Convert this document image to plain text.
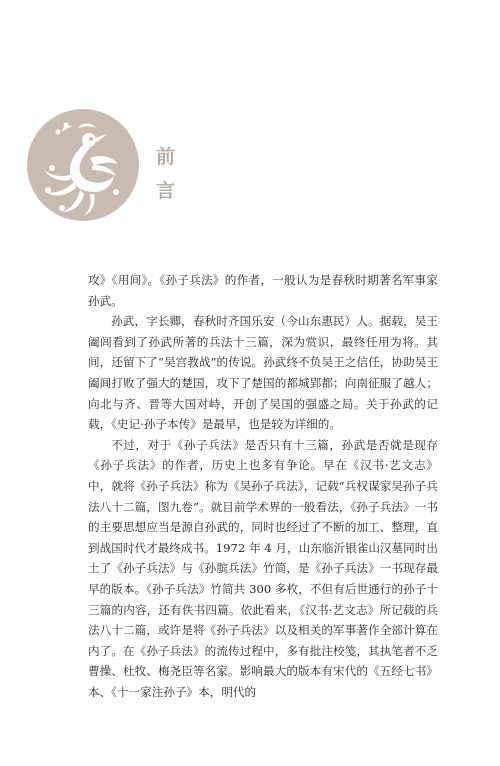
前
言

攻》《用间》。《孙子兵法》的作者，一般认为是春秋时期著名军事家孙武。

孙武，字长卿，春秋时齐国乐安（今山东惠民）人。据载，吴王阖闾看到了孙武所著的兵法十三篇，深为赏识，最终任用为将。其间，还留下了“吴宫教战”的传说。孙武终不负吴王之信任，协助吴王阖闾打败了强大的楚国，攻下了楚国的都城郢都；向南征服了越人；向北与齐、晋等大国对峙，开创了吴国的强盛之局。关于孙武的记载，《史记·孙子本传》是最早，也是较为详细的。

不过，对于《孙子兵法》是否只有十三篇，孙武是否就是现存《孙子兵法》的作者，历史上也多有争论。早在《汉书·艺文志》中，就将《孙子兵法》称为《吴孙子兵法》，记载“兵权谋家吴孙子兵法八十二篇，图九卷”。就目前学术界的一般看法，《孙子兵法》一书的主要思想应当是源自孙武的，同时也经过了不断的加工、整理，直到战国时代才最终成书。1972 年 4 月，山东临沂银雀山汉墓同时出土了《孙子兵法》与《孙膑兵法》竹简，是《孙子兵法》一书现存最早的版本。《孙子兵法》竹简共 300 多枚，不但有后世通行的孙子十三篇的内容，还有佚书四篇。依此看来，《汉书·艺文志》所记载的兵法八十二篇，或许是将《孙子兵法》以及相关的军事著作全部计算在内了。在《孙子兵法》的流传过程中，多有批注校笺，其执笔者不乏曹操、杜牧、梅尧臣等名家。影响最大的版本有宋代的《五经七书》本、《十一家注孙子》本，明代的
